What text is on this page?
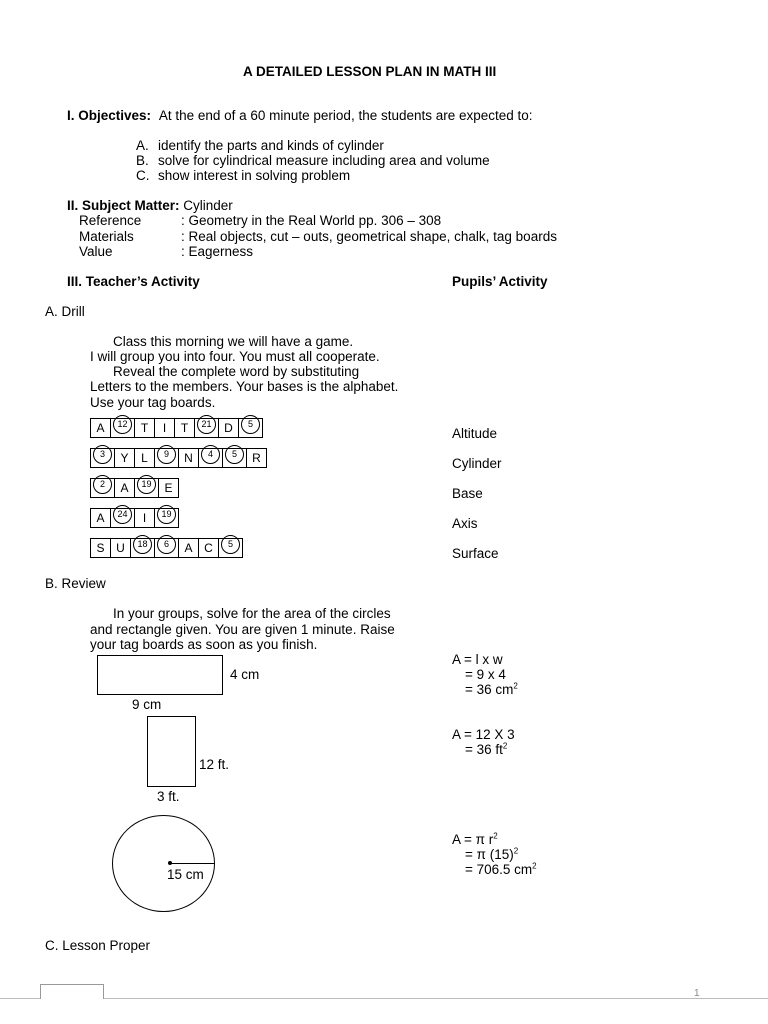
A DETAILED LESSON PLAN IN MATH III
I. Objectives: At the end of a 60 minute period, the students are expected to:
A. identify the parts and kinds of cylinder
B. solve for cylindrical measure including area and volume
C. show interest in solving problem
II. Subject Matter: Cylinder
Reference	: Geometry in the Real World pp. 306 – 308
Materials	: Real objects, cut – outs, geometrical shape, chalk, tag boards
Value	: Eagerness
III. Teacher’s Activity	Pupils’ Activity
A. Drill
Class this morning we will have a game.
I will group you into four. You must all cooperate.
Reveal the complete word by substituting
Letters to the members. Your bases is the alphabet.
Use your tag boards.
A	12	T I T	21	D	5
3	Y L	9	N	4	5	R
2	A	19	E
A	24	I	19
S U	18	6	A C	5
Altitude
Cylinder
Base
Axis
Surface
B. Review
In your groups, solve for the area of the circles
and rectangle given. You are given 1 minute. Raise
your tag boards as soon as you finish.
4 cm
9 cm
12 ft.
3 ft.
15 cm
A = l x w
= 9 x 4
= 36 $cm^2$
A = 12 X 3
= 36 $ft^2$
A = π $r^2$
= π $(15)^2$
= 706.5 $cm^2$
C. Lesson Proper
1
